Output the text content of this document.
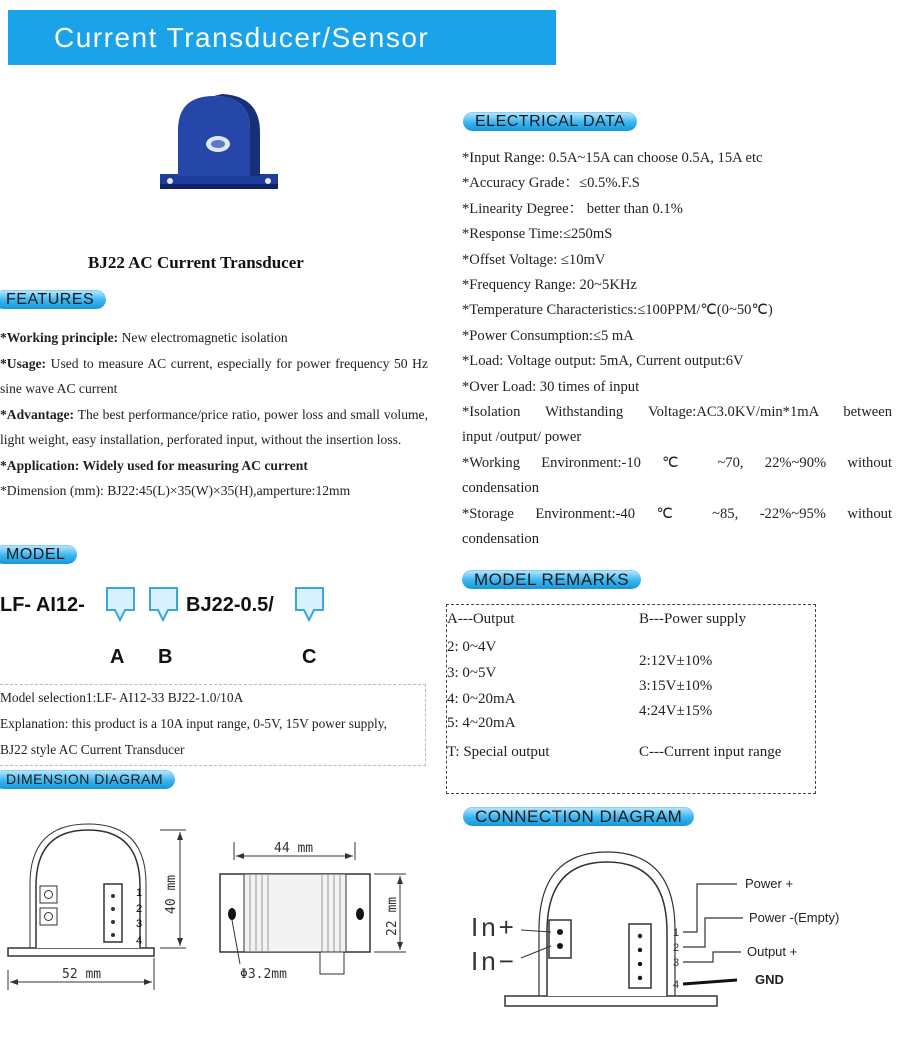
Current Transducer/Sensor
BJ22 AC Current Transducer
FEATURES
*Working principle: New electromagnetic isolation
*Usage: Used to measure AC current, especially for power frequency 50 Hz sine wave AC current
*Advantage: The best performance/price ratio, power loss and small volume, light weight, easy installation, perforated input, without the insertion loss.
*Application: Widely used for measuring AC current
*Dimension (mm): BJ22:45(L)×35(W)×35(H),amperture:12mm
MODEL
LF- AI12-	BJ22-0.5/
A B	C
Model selection1:LF- AI12-33 BJ22-1.0/10A
Explanation: this product is a 10A input range, 0-5V, 15V power supply,
BJ22 style AC Current Transducer
DIMENSION DIAGRAM
1
2
3
4
52 mm
40 mm
44 mm
Φ3.2mm
22 mm
ELECTRICAL DATA
*Input Range: 0.5A~15A can choose 0.5A, 15A etc
*Accuracy Grade：≤0.5%.F.S
*Linearity Degree： better than 0.1%
*Response Time:≤250mS
*Offset Voltage: ≤10mV
*Frequency Range: 20~5KHz
*Temperature Characteristics:≤100PPM/℃(0~50℃)
*Power Consumption:≤5 mA
*Load: Voltage output: 5mA, Current output:6V
*Over Load: 30 times of input
*Isolation Withstanding Voltage:AC3.0KV/min*1mA between
input /output/ power
*Working Environment:-10 ℃ ~70, 22%~90% without
condensation
*Storage Environment:-40 ℃ ~85, -22%~95% without
condensation
MODEL REMARKS
A---Output
2: 0~4V
3: 0~5V
4: 0~20mA
5: 4~20mA
T: Special output
B---Power supply
2:12V±10%
3:15V±10%
4:24V±15%
C---Current input range
CONNECTION DIAGRAM
In+
In−
1
2
3
4
Power +
Power -(Empty)
Output +
GND
